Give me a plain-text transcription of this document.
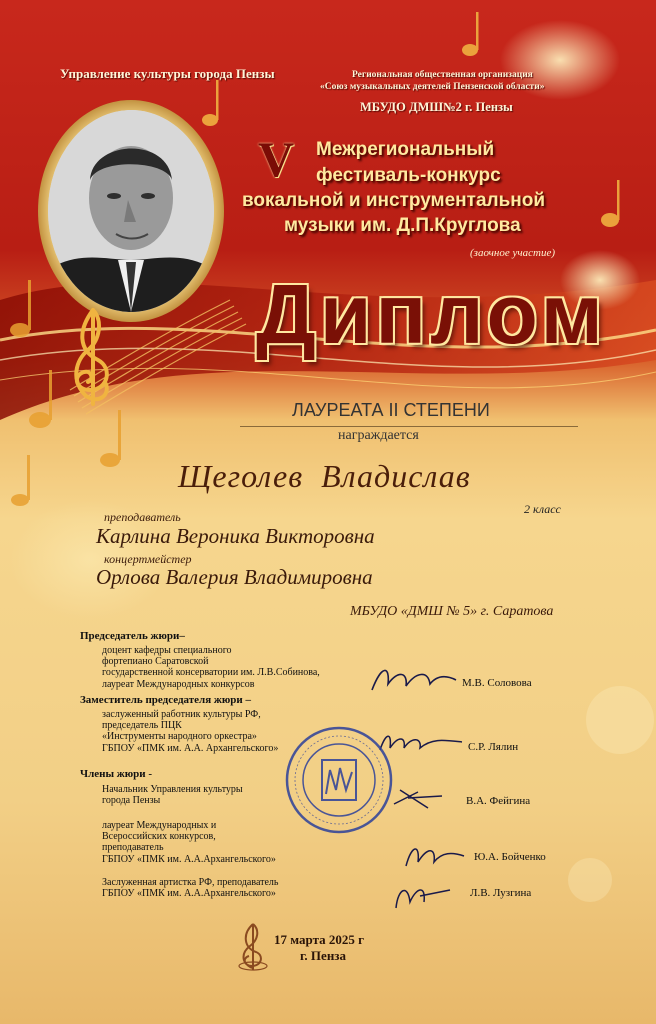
Управление культуры города Пензы	Региональная общественная организация

«Союз музыкальных деятелей Пензенской области»

МБУДО ДМШ№2 г. Пензы

V Межрегиональный

фестиваль-конкурс

вокальной и инструментальной

музыки им. Д.П.Круглова

(заочное участие)

Диплом

ЛАУРЕАТА II СТЕПЕНИ

награждается

Щеголев  Владислав

2 класс

преподаватель

Карлина Вероника Викторовна

концертмейстер

Орлова Валерия Владимировна

МБУДО «ДМШ № 5» г. Саратова

Председатель жюри–

доцент кафедры специального
фортепиано Саратовской
государственной консерватории им. Л.В.Собинова,
лауреат Международных конкурсов	М.В. Соловова

Заместитель председателя жюри –

заслуженный работник культуры РФ,
председатель ПЦК
«Инструменты народного оркестра»
ГБПОУ «ПМК им. А.А. Архангельского»	С.Р. Лялин

Члены жюри -

Начальник Управления культуры
города Пензы	В.А. Фейгина

лауреат Международных и
Всероссийских конкурсов,
преподаватель
ГБПОУ «ПМК им. А.А.Архангельского»	Ю.А. Бойченко

Заслуженная артистка РФ, преподаватель
ГБПОУ «ПМК им. А.А.Архангельского»	Л.В. Лузгина

17 марта 2025 г

г. Пенза
